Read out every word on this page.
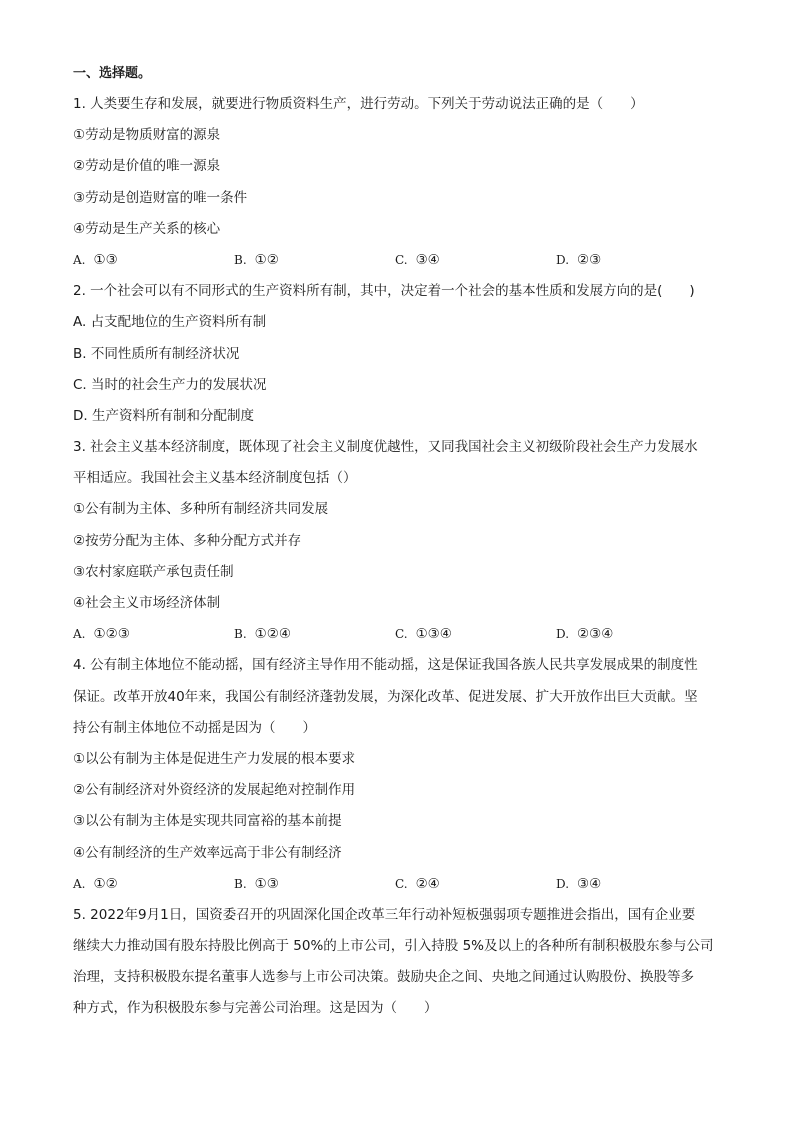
一、选择题。
1. 人类要生存和发展，就要进行物质资料生产，进行劳动。下列关于劳动说法正确的是（　　）
①劳动是物质财富的源泉
②劳动是价值的唯一源泉
③劳动是创造财富的唯一条件
④劳动是生产关系的核心
A. ①③	B. ①②	C. ③④	D. ②③
2. 一个社会可以有不同形式的生产资料所有制，其中，决定着一个社会的基本性质和发展方向的是(　　)
A. 占支配地位的生产资料所有制
B. 不同性质所有制经济状况
C. 当时的社会生产力的发展状况
D. 生产资料所有制和分配制度
3. 社会主义基本经济制度，既体现了社会主义制度优越性，又同我国社会主义初级阶段社会生产力发展水
平相适应。我国社会主义基本经济制度包括（）
①公有制为主体、多种所有制经济共同发展
②按劳分配为主体、多种分配方式并存
③农村家庭联产承包责任制
④社会主义市场经济体制
A. ①②③	B. ①②④	C. ①③④	D. ②③④
4. 公有制主体地位不能动摇，国有经济主导作用不能动摇，这是保证我国各族人民共享发展成果的制度性
保证。改革开放40年来，我国公有制经济蓬勃发展，为深化改革、促进发展、扩大开放作出巨大贡献。坚
持公有制主体地位不动摇是因为（　　）
①以公有制为主体是促进生产力发展的根本要求
②公有制经济对外资经济的发展起绝对控制作用
③以公有制为主体是实现共同富裕的基本前提
④公有制经济的生产效率远高于非公有制经济
A. ①②	B. ①③	C. ②④	D. ③④
5. 2022年9月1日，国资委召开的巩固深化国企改革三年行动补短板强弱项专题推进会指出，国有企业要
继续大力推动国有股东持股比例高于 50%的上市公司，引入持股 5%及以上的各种所有制积极股东参与公司
治理，支持积极股东提名董事人选参与上市公司决策。鼓励央企之间、央地之间通过认购股份、换股等多
种方式，作为积极股东参与完善公司治理。这是因为（　　）
